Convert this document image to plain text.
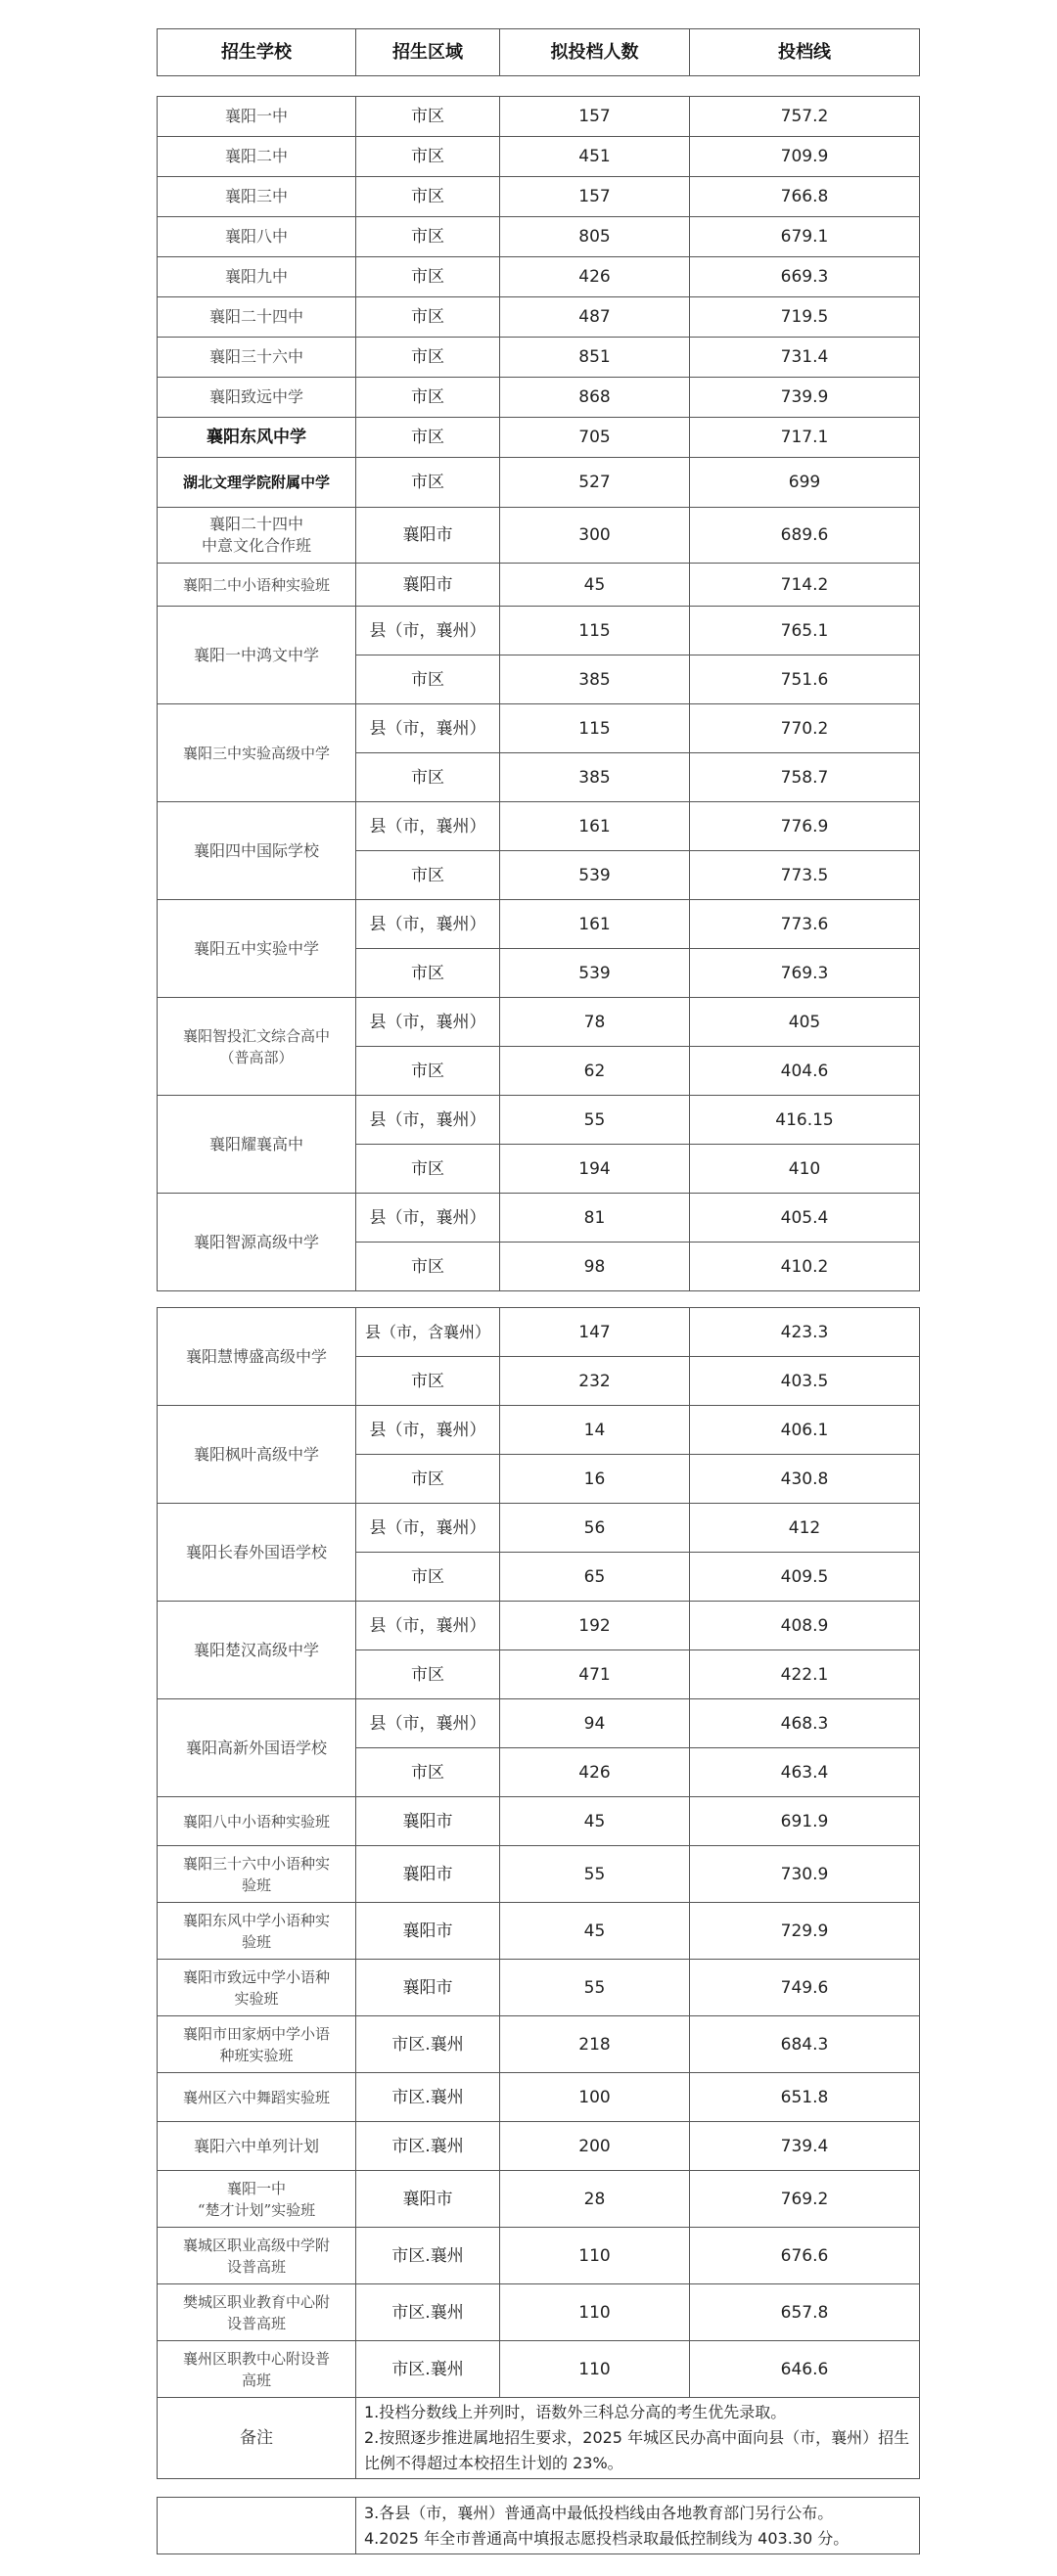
招生学校	招生区域	拟投档人数	投档线
襄阳一中	市区	157	757.2
襄阳二中	市区	451	709.9
襄阳三中	市区	157	766.8
襄阳八中	市区	805	679.1
襄阳九中	市区	426	669.3
襄阳二十四中	市区	487	719.5
襄阳三十六中	市区	851	731.4
襄阳致远中学	市区	868	739.9
襄阳东风中学	市区	705	717.1
湖北文理学院附属中学	市区	527	699

襄阳二十四中
中意文化合作班	襄阳市	300	689.6
襄阳二中小语种实验班	襄阳市	45	714.2
襄阳一中鸿文中学	县（市，襄州）	115	765.1
	市区	385	751.6
襄阳三中实验高级中学	县（市，襄州）	115	770.2
	市区	385	758.7
襄阳四中国际学校	县（市，襄州）	161	776.9
	市区	539	773.5
襄阳五中实验中学	县（市，襄州）	161	773.6
	市区	539	769.3

襄阳智投汇文综合高中
（普高部）	县（市，襄州）	78	405
	市区	62	404.6
襄阳耀襄高中	县（市，襄州）	55	416.15
	市区	194	410
襄阳智源高级中学	县（市，襄州）	81	405.4
	市区	98	410.2
襄阳慧博盛高级中学	县（市，含襄州）	147	423.3
	市区	232	403.5
襄阳枫叶高级中学	县（市，襄州）	14	406.1
	市区	16	430.8
襄阳长春外国语学校	县（市，襄州）	56	412
	市区	65	409.5
襄阳楚汉高级中学	县（市，襄州）	192	408.9
	市区	471	422.1
襄阳高新外国语学校	县（市，襄州）	94	468.3
	市区	426	463.4
襄阳八中小语种实验班	襄阳市	45	691.9

襄阳三十六中小语种实
验班	襄阳市	55	730.9

襄阳东风中学小语种实
验班	襄阳市	45	729.9

襄阳市致远中学小语种
实验班	襄阳市	55	749.6

襄阳市田家炳中学小语
种班实验班	市区.襄州	218	684.3
襄州区六中舞蹈实验班	市区.襄州	100	651.8
襄阳六中单列计划	市区.襄州	200	739.4

襄阳一中
“楚才计划”实验班	襄阳市	28	769.2

襄城区职业高级中学附
设普高班	市区.襄州	110	676.6

樊城区职业教育中心附
设普高班	市区.襄州	110	657.8

襄州区职教中心附设普
高班	市区.襄州	110	646.6
备注	1.投档分数线上并列时，语数外三科总分高的考生优先录取。
2.按照逐步推进属地招生要求，2025 年城区民办高中面向县（市，襄州）招生比例不得超过本校招生计划的 23%。		

3.各县（市，襄州）普通高中最低投档线由各地教育部门另行公布。
4.2025 年全市普通高中填报志愿投档录取最低控制线为 403.30 分。
